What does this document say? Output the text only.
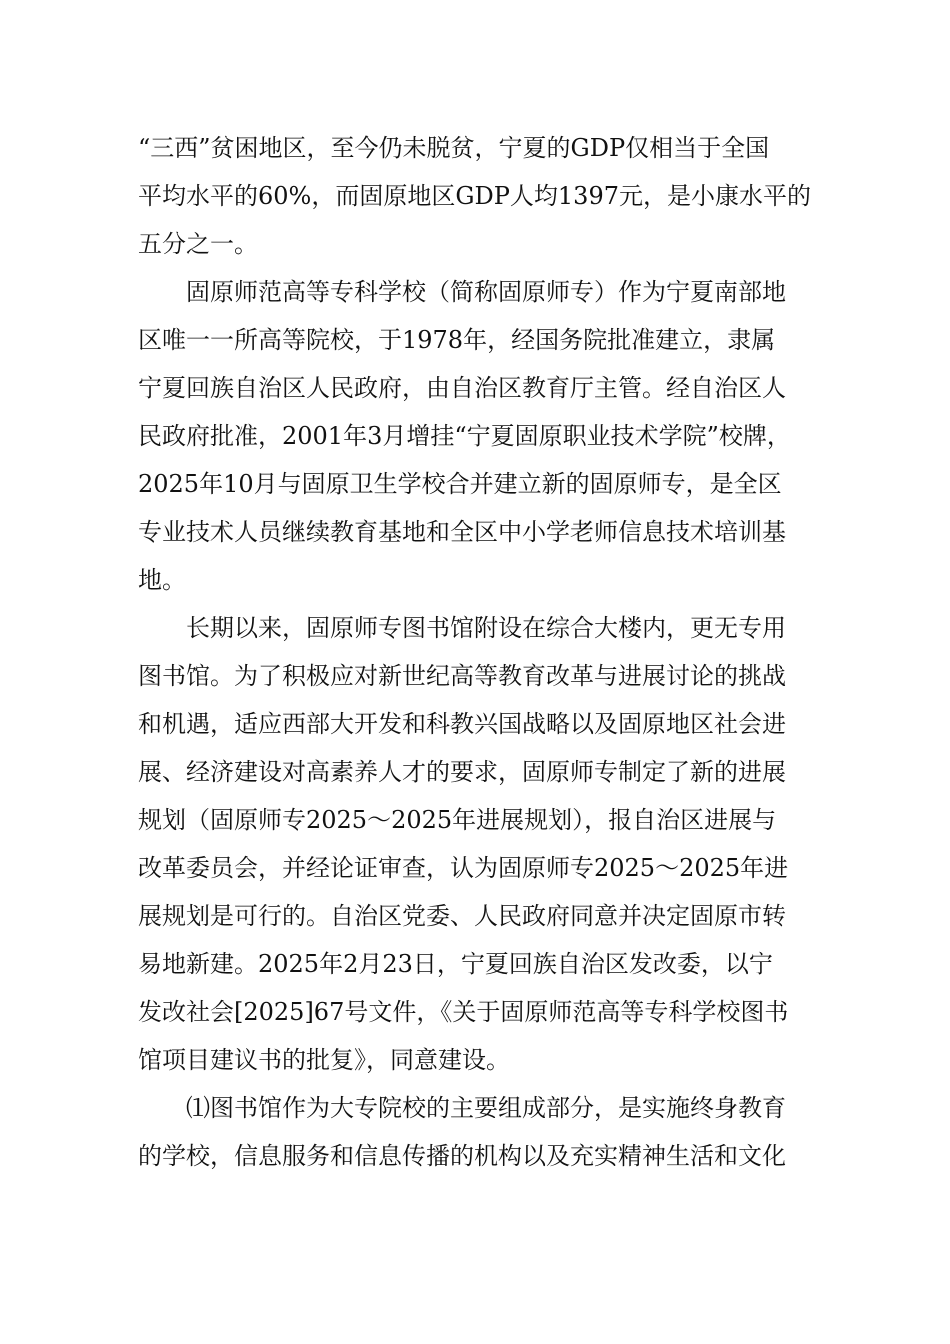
“三西”贫困地区，至今仍未脱贫，宁夏的GDP仅相当于全国
平均水平的60%，而固原地区GDP人均1397元，是小康水平的
五分之一。
固原师范高等专科学校（简称固原师专）作为宁夏南部地
区唯一一所高等院校，于1978年，经国务院批准建立，隶属
宁夏回族自治区人民政府，由自治区教育厅主管。经自治区人
民政府批准，2001年3月增挂“宁夏固原职业技术学院”校牌，
2025年10月与固原卫生学校合并建立新的固原师专，是全区
专业技术人员继续教育基地和全区中小学老师信息技术培训基
地。
长期以来，固原师专图书馆附设在综合大楼内，更无专用
图书馆。为了积极应对新世纪高等教育改革与进展讨论的挑战
和机遇，适应西部大开发和科教兴国战略以及固原地区社会进
展、经济建设对高素养人才的要求，固原师专制定了新的进展
规划（固原师专2025～2025年进展规划），报自治区进展与
改革委员会，并经论证审查，认为固原师专2025～2025年进
展规划是可行的。自治区党委、人民政府同意并决定固原市转
易地新建。2025年2月23日，宁夏回族自治区发改委，以宁
发改社会[2025]67号文件，《关于固原师范高等专科学校图书
馆项目建议书的批复》，同意建设。
⑴图书馆作为大专院校的主要组成部分，是实施终身教育
的学校，信息服务和信息传播的机构以及充实精神生活和文化
